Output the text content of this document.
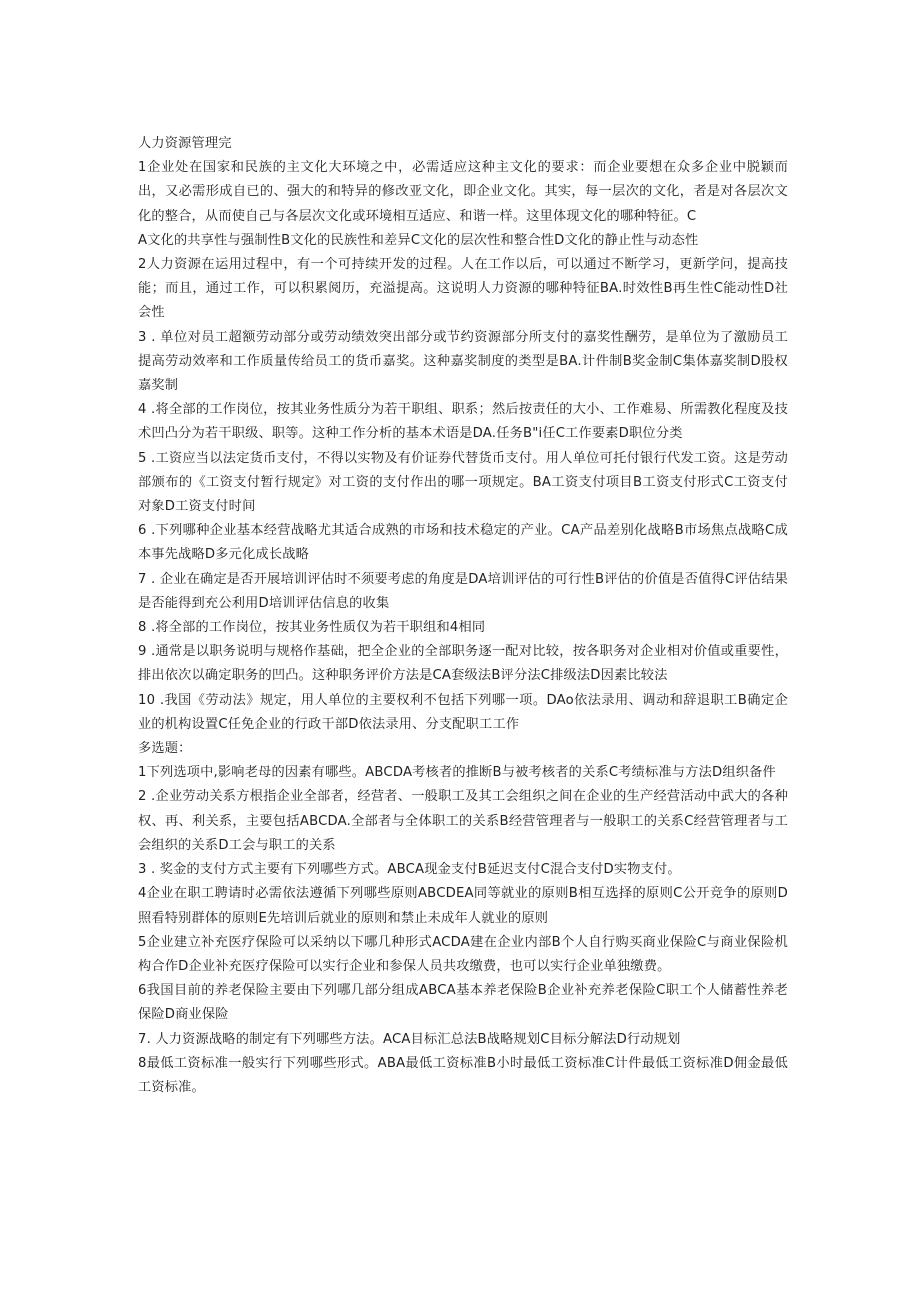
人力资源管理完

1企业处在国家和民族的主文化大环境之中，必需适应这种主文化的要求：而企业要想在众多企业中脱颖而出，又必需形成自已的、强大的和特异的修改亚文化，即企业文化。其实，每一层次的文化，者是对各层次文化的整合，从而使自己与各层次文化或环境相互适应、和谐一样。这里体现文化的哪种特征。C

A文化的共享性与强制性B文化的民族性和差异C文化的层次性和整合性D文化的静止性与动态性

2人力资源在运用过程中，有一个可持续开发的过程。人在工作以后，可以通过不断学习，更新学问，提高技能；而且，通过工作，可以积累阅历，充溢提高。这说明人力资源的哪种特征BA.时效性B再生性C能动性D社会性

3 . 单位对员工超额劳动部分或劳动绩效突出部分或节约资源部分所支付的嘉奖性酬劳，是单位为了激励员工提高劳动效率和工作质量传给员工的货币嘉奖。这种嘉奖制度的类型是BA.计件制B奖金制C集体嘉奖制D股权嘉奖制

4 .将全部的工作岗位，按其业务性质分为若干职组、职系；然后按责任的大小、工作难易、所需教化程度及技术凹凸分为若干职级、职等。这种工作分析的基本术语是DA.任务B"i任C工作要素D职位分类

5 .工资应当以法定货币支付，不得以实物及有价证券代替货币支付。用人单位可托付银行代发工资。这是劳动部颁布的《工资支付暂行规定》对工资的支付作出的哪一项规定。BA工资支付项目B工资支付形式C工资支付对象D工资支付时间

6 .下列哪种企业基本经营战略尤其适合成熟的市场和技术稳定的产业。CA产品差别化战略B市场焦点战略C成本事先战略D多元化成长战略

7 . 企业在确定是否开展培训评估时不须要考虑的角度是DA培训评估的可行性B评估的价值是否值得C评估结果是否能得到充公利用D培训评估信息的收集

8 .将全部的工作岗位，按其业务性质仅为若干职组和4相同

9 .通常是以职务说明与规格作基础，把全企业的全部职务逐一配对比较，按各职务对企业相对价值或重要性，排出依次以确定职务的凹凸。这种职务评价方法是CA套级法B评分法C排级法D因素比较法

10 .我国《劳动法》规定，用人单位的主要权利不包括下列哪一项。DAo依法录用、调动和辞退职工B确定企业的机构设置C任免企业的行政干部D依法录用、分支配职工工作

多选题：

1下列选项中,影响老母的因素有哪些。ABCDA考核者的推断B与被考核者的关系C考绩标准与方法D组织备件

2 .企业劳动关系方根指企业全部者，经营者、一般职工及其工会组织之间在企业的生产经营活动中武大的各种权、再、利关系，主要包括ABCDA.全部者与全体职工的关系B经营管理者与一般职工的关系C经营管理者与工会组织的关系D工会与职工的关系

3 . 奖金的支付方式主要有下列哪些方式。ABCA现金支付B延迟支付C混合支付D实物支付。

4企业在职工聘请时必需依法遵循下列哪些原则ABCDEA同等就业的原则B相互选择的原则C公开竞争的原则D照看特别群体的原则E先培训后就业的原则和禁止未成年人就业的原则

5企业建立补充医疗保险可以采纳以下哪几种形式ACDA建在企业内部B个人自行购买商业保险C与商业保险机构合作D企业补充医疗保险可以实行企业和参保人员共攻缴费，也可以实行企业单独缴费。

6我国目前的养老保险主要由下列哪几部分组成ABCA基本养老保险B企业补充养老保险C职工个人储蓄性养老保险D商业保险

7. 人力资源战略的制定有下列哪些方法。ACA目标汇总法B战略规划C目标分解法D行动规划

8最低工资标准一般实行下列哪些形式。ABA最低工资标准B小时最低工资标准C计件最低工资标准D佣金最低工资标准。
